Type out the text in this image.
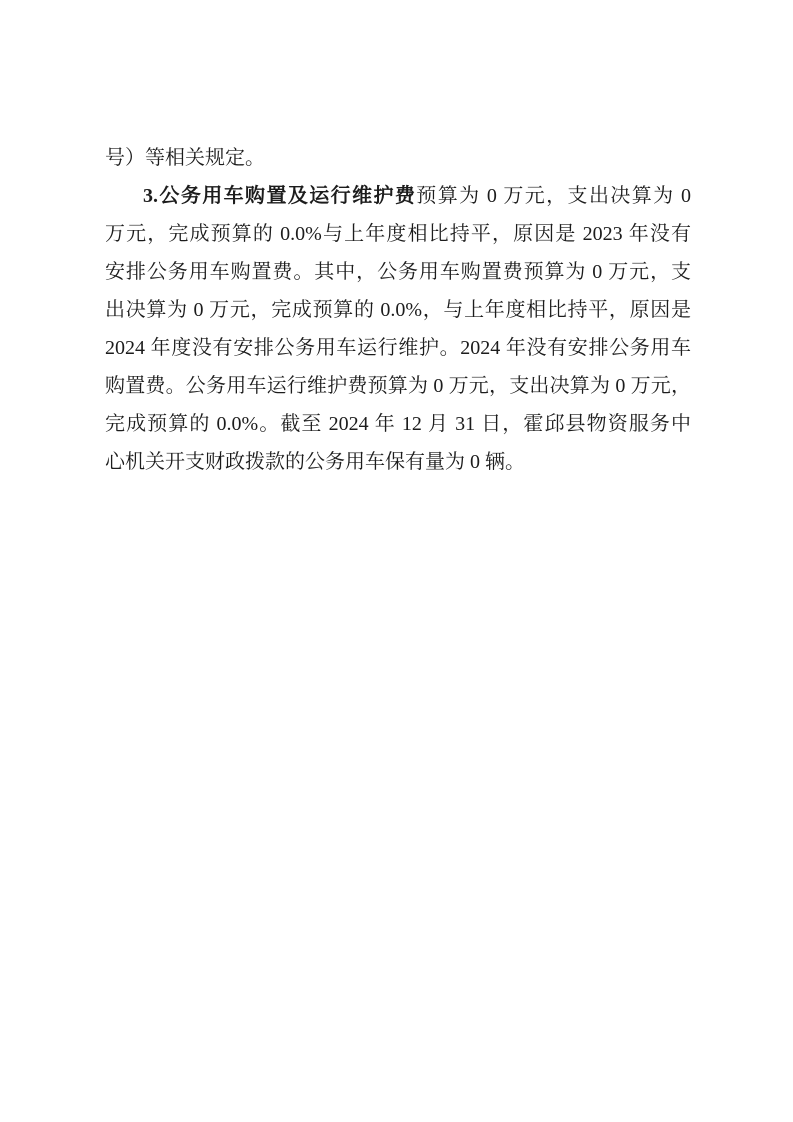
号）等相关规定。
3.公务用车购置及运行维护费预算为 0 万元，支出决算为 0
万元，完成预算的 0.0%与上年度相比持平，原因是 2023 年没有
安排公务用车购置费。其中，公务用车购置费预算为 0 万元，支
出决算为 0 万元，完成预算的 0.0%，与上年度相比持平，原因是
2024 年度没有安排公务用车运行维护。2024 年没有安排公务用车
购置费。公务用车运行维护费预算为 0 万元，支出决算为 0 万元，
完成预算的 0.0%。截至 2024 年 12 月 31 日，霍邱县物资服务中
心机关开支财政拨款的公务用车保有量为 0 辆。
